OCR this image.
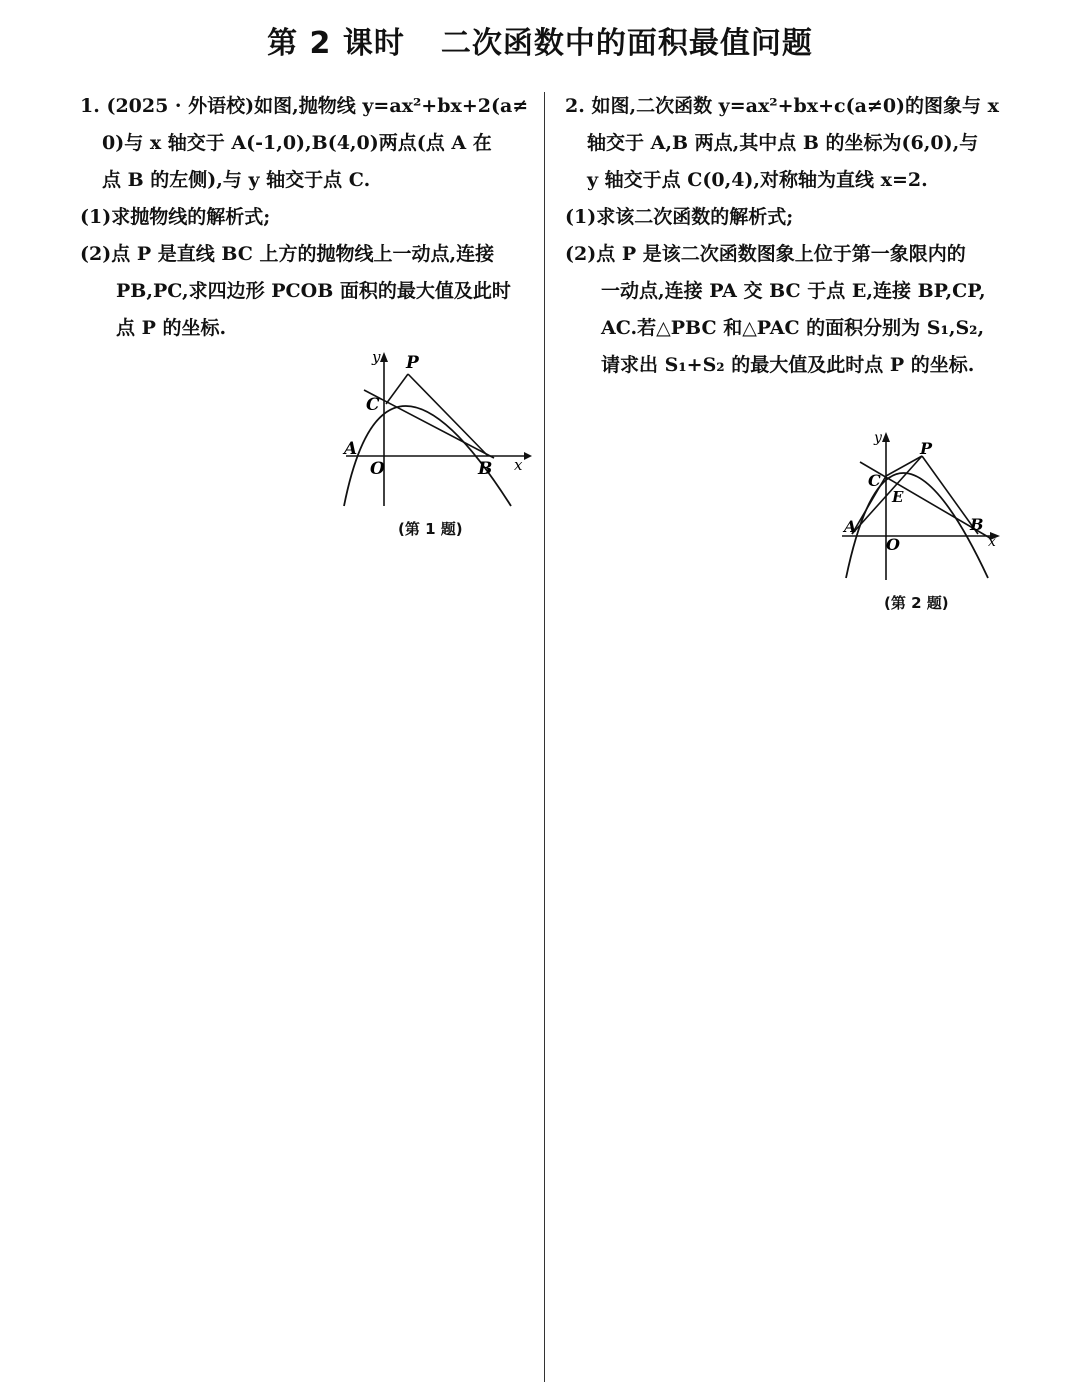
第 2 课时 二次函数中的面积最值问题
1. (2025 · 外语校)如图,抛物线 y=ax²+bx+2(a≠
0)与 x 轴交于 A(-1,0),B(4,0)两点(点 A 在
点 B 的左侧),与 y 轴交于点 C.
(1)求抛物线的解析式;
(2)点 P 是直线 BC 上方的抛物线上一动点,连接
PB,PC,求四边形 PCOB 面积的最大值及此时
点 P 的坐标.
y P
C
A
O	B x
(第 1 题)
2. 如图,二次函数 y=ax²+bx+c(a≠0)的图象与 x
轴交于 A,B 两点,其中点 B 的坐标为(6,0),与
y 轴交于点 C(0,4),对称轴为直线 x=2.
(1)求该二次函数的解析式;
(2)点 P 是该二次函数图象上位于第一象限内的
一动点,连接 PA 交 BC 于点 E,连接 BP,CP,
AC.若△PBC 和△PAC 的面积分别为 S₁,S₂,
请求出 S₁+S₂ 的最大值及此时点 P 的坐标.
y
P
C
E
A
O
B
x
(第 2 题)
